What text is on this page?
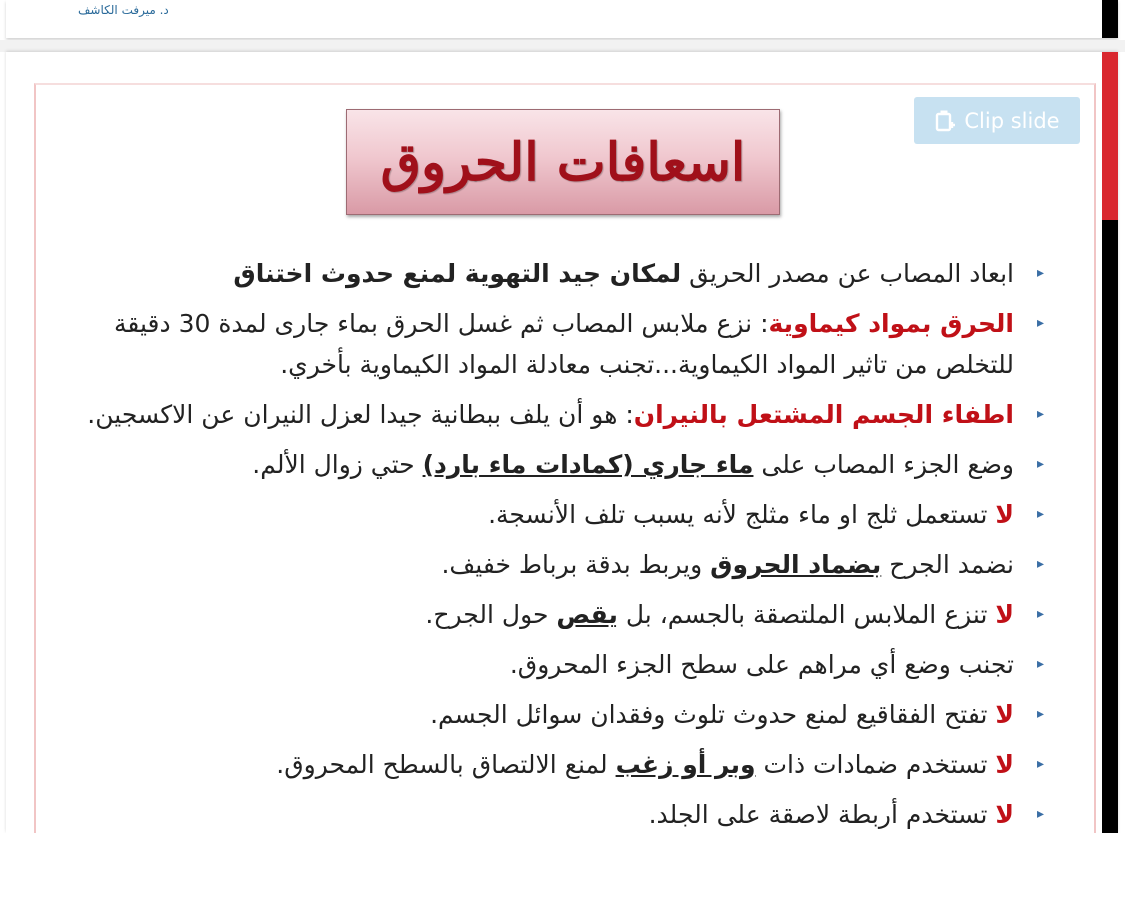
د. ميرفت الكاشف
اسعافات الحروق
Clip slide
▸
ابعاد المصاب عن مصدر الحريق لمكان جيد التهوية لمنع حدوث اختناق
▸
الحرق بمواد كيماوية: نزع ملابس المصاب ثم غسل الحرق بماء جارى لمدة 30 دقيقة للتخلص من تاثير المواد الكيماوية...تجنب معادلة المواد الكيماوية بأخري.
▸
اطفاء الجسم المشتعل بالنيران: هو أن يلف ببطانية جيدا لعزل النيران عن الاكسجين.
▸
وضع الجزء المصاب على ماء جاري (كمادات ماء بارد) حتي زوال الألم.
▸
لا تستعمل ثلج او ماء مثلج لأنه يسبب تلف الأنسجة.
▸
نضمد الجرح بضماد الحروق ويربط بدقة برباط خفيف.
▸
لا تنزع الملابس الملتصقة بالجسم، بل يقص حول الجرح.
▸
تجنب وضع أي مراهم على سطح الجزء المحروق.
▸
لا تفتح الفقاقيع لمنع حدوث تلوث وفقدان سوائل الجسم.
▸
لا تستخدم ضمادات ذات وبر أو زغب لمنع الالتصاق بالسطح المحروق.
▸
لا تستخدم أربطة لاصقة على الجلد.
